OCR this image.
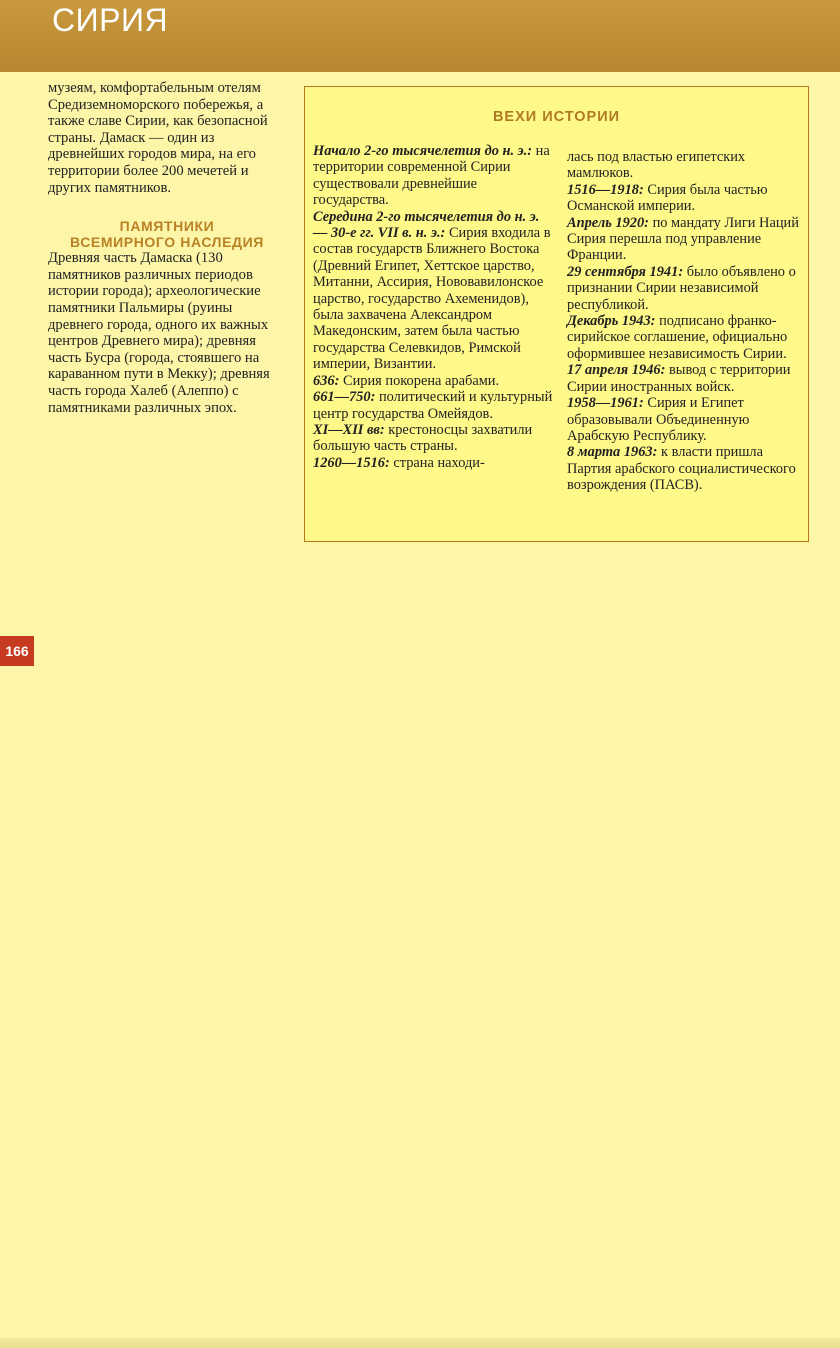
СИРИЯ

музеям, комфортабельным отелям Средиземноморского побережья, а также славе Сирии, как безопасной страны. Дамаск — один из древнейших городов мира, на его территории более 200 мечетей и других памятников.

ПАМЯТНИКИ
ВСЕМИРНОГО НАСЛЕДИЯ

Древняя часть Дамаска (130 памятников различных периодов истории города); археологические памятники Пальмиры (руины древнего города, одного их важных центров Древнего мира); древняя часть Бусра (города, стоявшего на караванном пути в Мекку); древняя часть города Халеб (Алеппо) с памятниками различных эпох.

ВЕХИ ИСТОРИИ

Начало 2-го тысячелетия до н. э.: на территории современной Сирии существовали древнейшие государства.

Середина 2-го тысячелетия до н. э. — 30-е гг. VII в. н. э.: Сирия входила в состав государств Ближнего Востока (Древний Египет, Хеттское царство, Митанни, Ассирия, Нововавилонское царство, государство Ахеменидов), была захвачена Александром Македонским, затем была частью государства Селевкидов, Римской империи, Византии.

636: Сирия покорена арабами.

661—750: политический и культурный центр государства Омейядов.

XI—XII вв: крестоносцы захватили большую часть страны.

1260—1516: страна находи-

лась под властью египетских мамлюков.

1516—1918: Сирия была частью Османской империи.

Апрель 1920: по мандату Лиги Наций Сирия перешла под управление Франции.

29 сентября 1941: было объявлено о признании Сирии независимой республикой.

Декабрь 1943: подписано франко-сирийское соглашение, официально оформившее независимость Сирии.

17 апреля 1946: вывод с территории Сирии иностранных войск.

1958—1961: Сирия и Египет образовывали Объединенную Арабскую Республику.

8 марта 1963: к власти пришла Партия арабского социалистического возрождения (ПАСВ).

166
